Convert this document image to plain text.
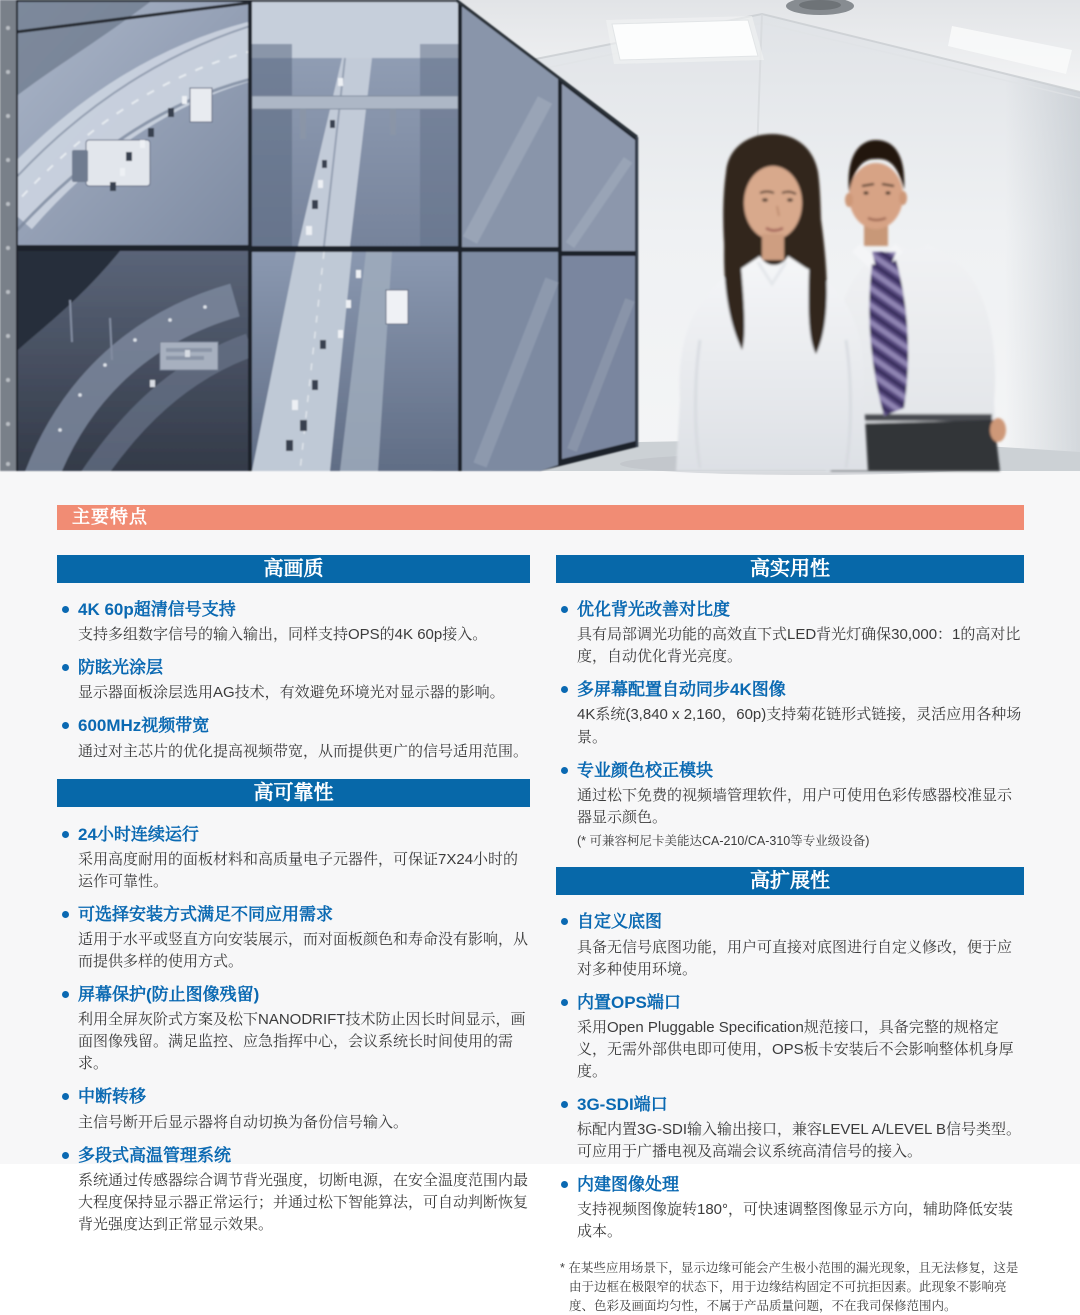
主要特点
高画质
4K 60p超清信号支持

支持多组数字信号的输入输出，同样支持OPS的4K 60p接入。

防眩光涂层

显示器面板涂层选用AG技术，有效避免环境光对显示器的影响。

600MHz视频带宽

通过对主芯片的优化提高视频带宽，从而提供更广的信号适用范围。

高可靠性
24小时连续运行

采用高度耐用的面板材料和高质量电子元器件，可保证7X24小时的运作可靠性。

可选择安装方式满足不同应用需求

适用于水平或竖直方向安装展示，而对面板颜色和寿命没有影响，从而提供多样的使用方式。

屏幕保护(防止图像残留)

利用全屏灰阶式方案及松下NANODRIFT技术防止因长时间显示，画面图像残留。满足监控、应急指挥中心，会议系统长时间使用的需求。

中断转移

主信号断开后显示器将自动切换为备份信号输入。

多段式高温管理系统

系统通过传感器综合调节背光强度，切断电源，在安全温度范围内最大程度保持显示器正常运行；并通过松下智能算法，可自动判断恢复背光强度达到正常显示效果。

高实用性
优化背光改善对比度

具有局部调光功能的高效直下式LED背光灯确保30,000：1的高对比度，自动优化背光亮度。

多屏幕配置自动同步4K图像

4K系统(3,840 x 2,160，60p)支持菊花链形式链接，灵活应用各种场景。

专业颜色校正模块

通过松下免费的视频墙管理软件，用户可使用色彩传感器校准显示器显示颜色。

(* 可兼容柯尼卡美能达CA-210/CA-310等专业级设备)

高扩展性
自定义底图

具备无信号底图功能，用户可直接对底图进行自定义修改，便于应对多种使用环境。

内置OPS端口

采用Open Pluggable Specification规范接口，具备完整的规格定义，无需外部供电即可使用，OPS板卡安装后不会影响整体机身厚度。

3G-SDI端口

标配内置3G-SDI输入输出接口，兼容LEVEL A/LEVEL B信号类型。可应用于广播电视及高端会议系统高清信号的接入。

内建图像处理

支持视频图像旋转180°，可快速调整图像显示方向，辅助降低安装成本。

* 在某些应用场景下，显示边缘可能会产生极小范围的漏光现象，且无法修复，这是由于边框在极限窄的状态下，用于边缘结构固定不可抗拒因素。此现象不影响亮度、色彩及画面均匀性，不属于产品质量问题，不在我司保修范围内。
